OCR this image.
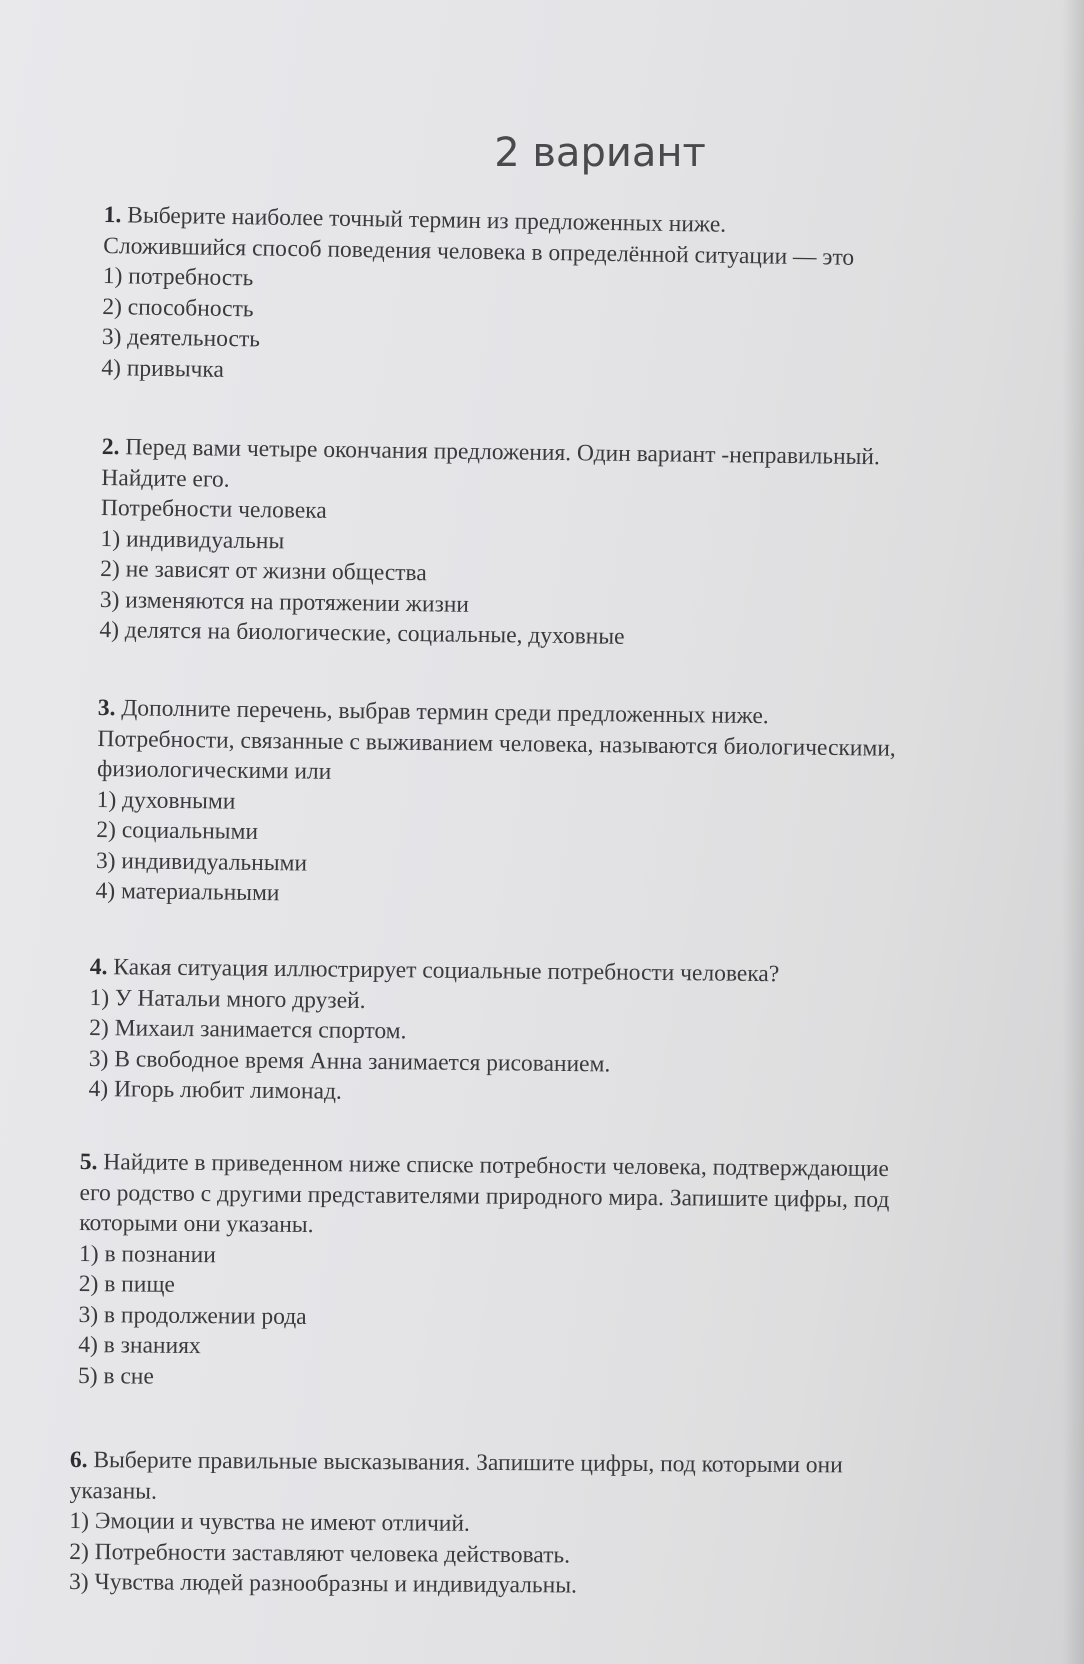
2 вариант
1. Выберите наиболее точный термин из предложенных ниже.
Сложившийся способ поведения человека в определённой ситуации — это
1) потребность
2) способность
3) деятельность
4) привычка
2. Перед вами четыре окончания предложения. Один вариант -неправильный.
Найдите его.
Потребности человека
1) индивидуальны
2) не зависят от жизни общества
3) изменяются на протяжении жизни
4) делятся на биологические, социальные, духовные
3. Дополните перечень, выбрав термин среди предложенных ниже.
Потребности, связанные с выживанием человека, называются биологическими,
физиологическими или
1) духовными
2) социальными
3) индивидуальными
4) материальными
4. Какая ситуация иллюстрирует социальные потребности человека?
1) У Натальи много друзей.
2) Михаил занимается спортом.
3) В свободное время Анна занимается рисованием.
4) Игорь любит лимонад.
5. Найдите в приведенном ниже списке потребности человека, подтверждающие
его родство с другими представителями природного мира. Запишите цифры, под
которыми они указаны.
1) в познании
2) в пище
3) в продолжении рода
4) в знаниях
5) в сне
6. Выберите правильные высказывания. Запишите цифры, под которыми они
указаны.
1) Эмоции и чувства не имеют отличий.
2) Потребности заставляют человека действовать.
3) Чувства людей разнообразны и индивидуальны.
